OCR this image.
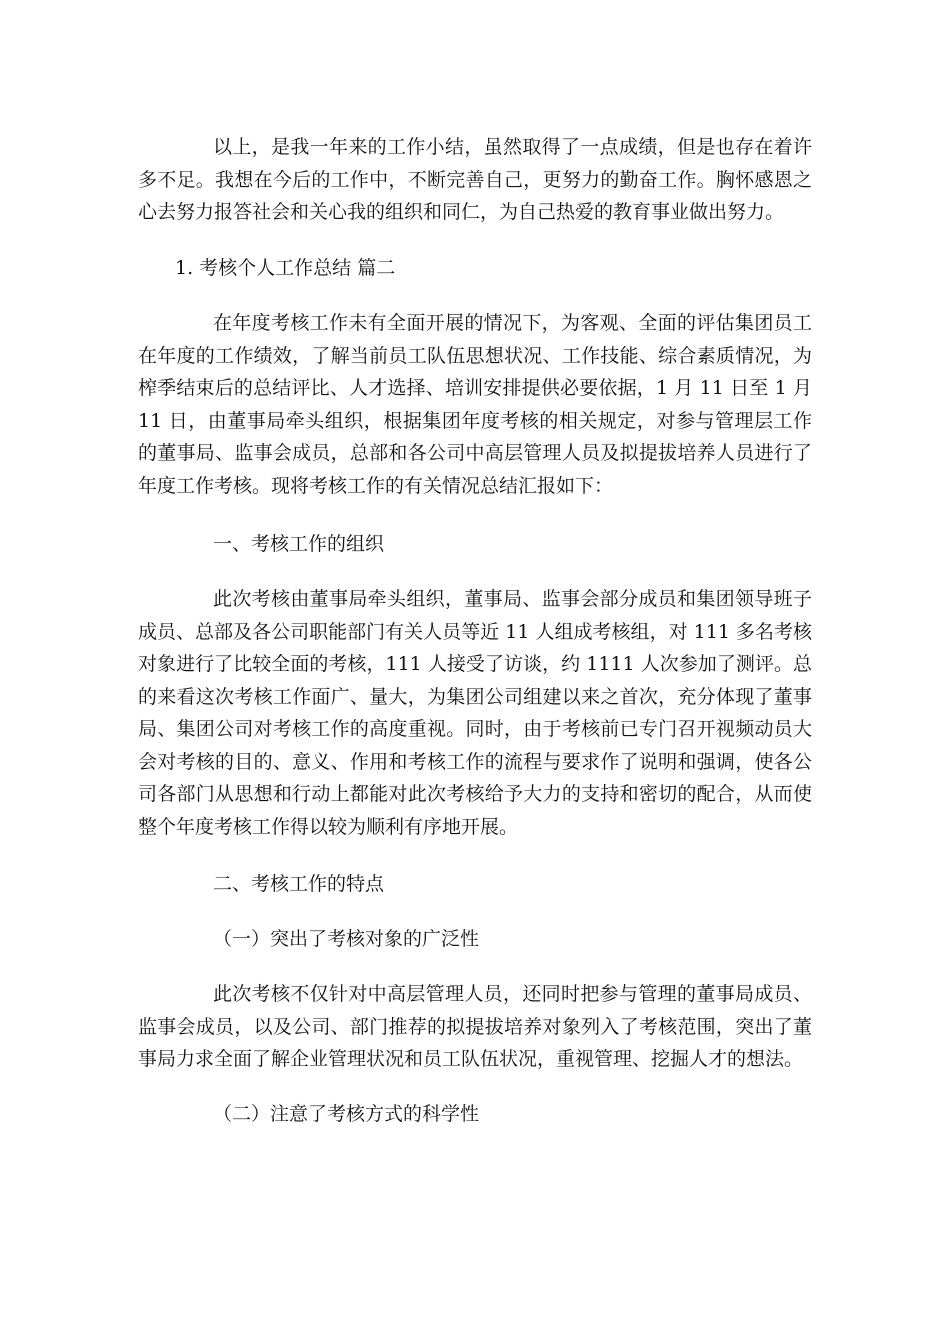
以上，是我一年来的工作小结，虽然取得了一点成绩，但是也存在着许多不足。我想在今后的工作中，不断完善自己，更努力的勤奋工作。胸怀感恩之心去努力报答社会和关心我的组织和同仁，为自己热爱的教育事业做出努力。

1. 考核个人工作总结 篇二

在年度考核工作未有全面开展的情况下，为客观、全面的评估集团员工在年度的工作绩效，了解当前员工队伍思想状况、工作技能、综合素质情况，为榨季结束后的总结评比、人才选择、培训安排提供必要依据，1 月 11 日至 1 月 11 日，由董事局牵头组织，根据集团年度考核的相关规定，对参与管理层工作的董事局、监事会成员，总部和各公司中高层管理人员及拟提拔培养人员进行了年度工作考核。现将考核工作的有关情况总结汇报如下：

一、考核工作的组织

此次考核由董事局牵头组织，董事局、监事会部分成员和集团领导班子成员、总部及各公司职能部门有关人员等近 11 人组成考核组，对 111 多名考核对象进行了比较全面的考核，111 人接受了访谈，约 1111 人次参加了测评。总的来看这次考核工作面广、量大，为集团公司组建以来之首次，充分体现了董事局、集团公司对考核工作的高度重视。同时，由于考核前已专门召开视频动员大会对考核的目的、意义、作用和考核工作的流程与要求作了说明和强调，使各公司各部门从思想和行动上都能对此次考核给予大力的支持和密切的配合，从而使整个年度考核工作得以较为顺利有序地开展。

二、考核工作的特点

（一）突出了考核对象的广泛性

此次考核不仅针对中高层管理人员，还同时把参与管理的董事局成员、监事会成员，以及公司、部门推荐的拟提拔培养对象列入了考核范围，突出了董事局力求全面了解企业管理状况和员工队伍状况，重视管理、挖掘人才的想法。

（二）注意了考核方式的科学性
